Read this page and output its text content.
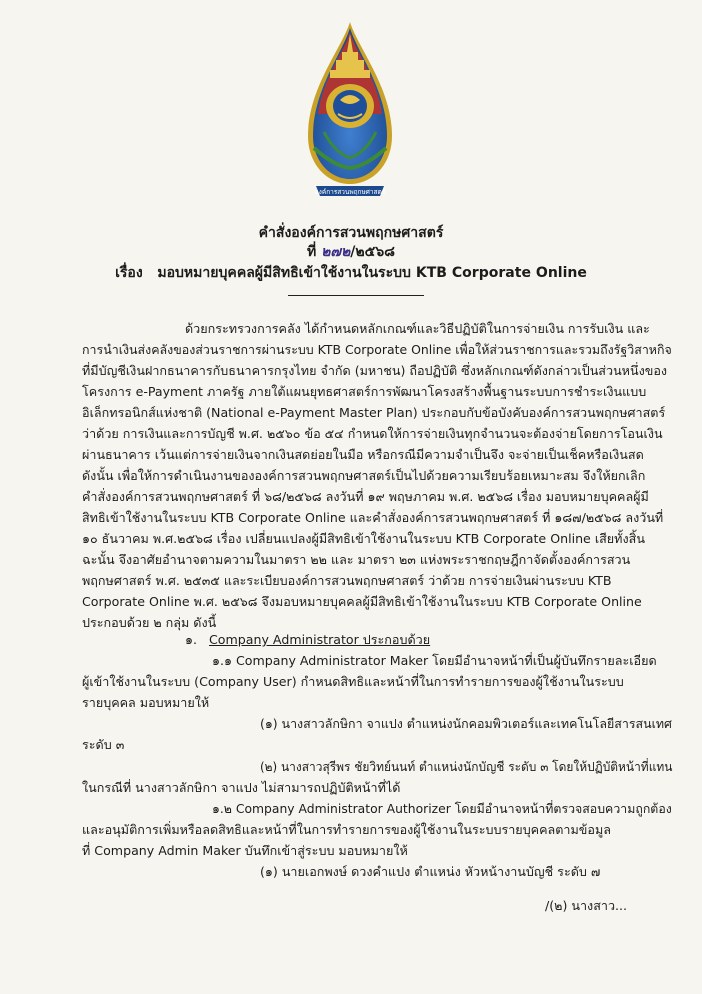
องค์การสวนพฤกษศาสตร์
คำสั่งองค์การสวนพฤกษศาสตร์
ที่ ๒๗๒/๒๕๖๘
เรื่อง มอบหมายบุคคลผู้มีสิทธิเข้าใช้งานในระบบ KTB Corporate Online
ด้วยกระทรวงการคลัง ได้กำหนดหลักเกณฑ์และวิธีปฏิบัติในการจ่ายเงิน การรับเงิน และ
การนำเงินส่งคลังของส่วนราชการผ่านระบบ KTB Corporate Online เพื่อให้ส่วนราชการและรวมถึงรัฐวิสาหกิจ
ที่มีบัญชีเงินฝากธนาคารกับธนาคารกรุงไทย จำกัด (มหาชน) ถือปฏิบัติ ซึ่งหลักเกณฑ์ดังกล่าวเป็นส่วนหนึ่งของ
โครงการ e-Payment ภาครัฐ ภายใต้แผนยุทธศาสตร์การพัฒนาโครงสร้างพื้นฐานระบบการชำระเงินแบบ
อิเล็กทรอนิกส์แห่งชาติ (National e-Payment Master Plan) ประกอบกับข้อบังคับองค์การสวนพฤกษศาสตร์
ว่าด้วย การเงินและการบัญชี พ.ศ. ๒๕๖๐ ข้อ ๕๔ กำหนดให้การจ่ายเงินทุกจำนวนจะต้องจ่ายโดยการโอนเงิน
ผ่านธนาคาร เว้นแต่การจ่ายเงินจากเงินสดย่อยในมือ หรือกรณีมีความจำเป็นจึง จะจ่ายเป็นเช็คหรือเงินสด
ดังนั้น เพื่อให้การดำเนินงานขององค์การสวนพฤกษศาสตร์เป็นไปด้วยความเรียบร้อยเหมาะสม จึงให้ยกเลิก
คำสั่งองค์การสวนพฤกษศาสตร์ ที่ ๖๘/๒๕๖๘ ลงวันที่ ๑๙ พฤษภาคม พ.ศ. ๒๕๖๘ เรื่อง มอบหมายบุคคลผู้มี
สิทธิเข้าใช้งานในระบบ KTB Corporate Online และคำสั่งองค์การสวนพฤกษศาสตร์ ที่ ๑๘๗/๒๕๖๘ ลงวันที่
๑๐ ธันวาคม พ.ศ.๒๕๖๘ เรื่อง เปลี่ยนแปลงผู้มีสิทธิเข้าใช้งานในระบบ KTB Corporate Online เสียทั้งสิ้น
ฉะนั้น จึงอาศัยอำนาจตามความในมาตรา ๒๒ และ มาตรา ๒๓ แห่งพระราชกฤษฎีกาจัดตั้งองค์การสวน
พฤกษศาสตร์ พ.ศ. ๒๕๓๕ และระเบียบองค์การสวนพฤกษศาสตร์ ว่าด้วย การจ่ายเงินผ่านระบบ KTB
Corporate Online พ.ศ. ๒๕๖๘ จึงมอบหมายบุคคลผู้มีสิทธิเข้าใช้งานในระบบ KTB Corporate Online
ประกอบด้วย ๒ กลุ่ม ดังนี้
๑. Company Administrator ประกอบด้วย
๑.๑ Company Administrator Maker โดยมีอำนาจหน้าที่เป็นผู้บันทึกรายละเอียด
ผู้เข้าใช้งานในระบบ (Company User) กำหนดสิทธิและหน้าที่ในการทำรายการของผู้ใช้งานในระบบ
รายบุคคล มอบหมายให้
(๑) นางสาวลักษิกา จาแปง ตำแหน่งนักคอมพิวเตอร์และเทคโนโลยีสารสนเทศ
ระดับ ๓
(๒) นางสาวสุรีพร ชัยวิทย์นนท์ ตำแหน่งนักบัญชี ระดับ ๓ โดยให้ปฏิบัติหน้าที่แทน
ในกรณีที่ นางสาวลักษิกา จาแปง ไม่สามารถปฏิบัติหน้าที่ได้
๑.๒ Company Administrator Authorizer โดยมีอำนาจหน้าที่ตรวจสอบความถูกต้อง
และอนุมัติการเพิ่มหรือลดสิทธิและหน้าที่ในการทำรายการของผู้ใช้งานในระบบรายบุคคลตามข้อมูล
ที่ Company Admin Maker บันทึกเข้าสู่ระบบ มอบหมายให้
(๑) นายเอกพงษ์ ดวงคำแปง ตำแหน่ง หัวหน้างานบัญชี ระดับ ๗
/(๒) นางสาว...
